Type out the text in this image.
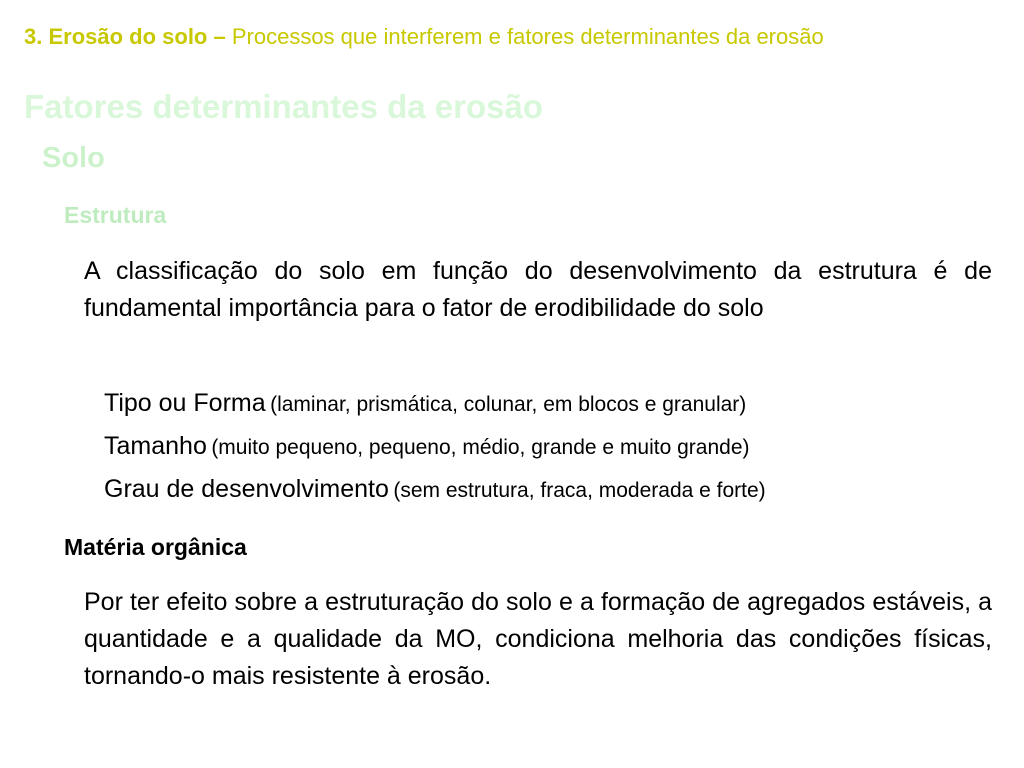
3. Erosão do solo – Processos que interferem e fatores determinantes da erosão
Fatores determinantes da erosão
Solo
Estrutura
A classificação do solo em função do desenvolvimento da estrutura é de fundamental importância para o fator de erodibilidade do solo
Tipo ou Forma (laminar, prismática, colunar, em blocos e granular)
Tamanho (muito pequeno, pequeno, médio, grande e muito grande)
Grau de desenvolvimento (sem estrutura, fraca, moderada e forte)
Matéria orgânica
Por ter efeito sobre a estruturação do solo e a formação de agregados estáveis, a quantidade e a qualidade da MO, condiciona melhoria das condições físicas, tornando-o mais resistente à erosão.
